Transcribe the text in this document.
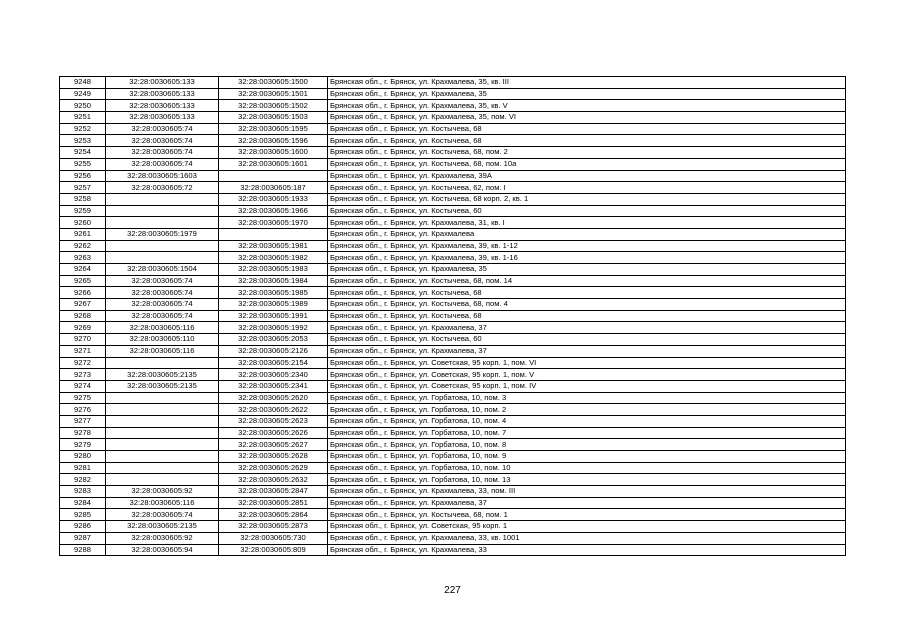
9248	32:28:0030605:133	32:28:0030605:1500	Брянская обл., г. Брянск, ул. Крахмалева, 35, кв. III
9249	32:28:0030605:133	32:28:0030605:1501	Брянская обл., г. Брянск, ул. Крахмалева, 35
9250	32:28:0030605:133	32:28:0030605:1502	Брянская обл., г. Брянск, ул. Крахмалева, 35, кв. V
9251	32:28:0030605:133	32:28:0030605:1503	Брянская обл., г. Брянск, ул. Крахмалева, 35, пом. VI
9252	32:28:0030605:74	32:28:0030605:1595	Брянская обл., г. Брянск, ул. Костычева, 68
9253	32:28:0030605:74	32:28:0030605:1596	Брянская обл., г. Брянск, ул. Костычева, 68
9254	32:28:0030605:74	32:28:0030605:1600	Брянская обл., г. Брянск, ул. Костычева, 68, пом. 2
9255	32:28:0030605:74	32:28:0030605:1601	Брянская обл., г. Брянск, ул. Костычева, 68, пом. 10а
9256	32:28:0030605:1603		Брянская обл., г. Брянск, ул. Крахмалева, 39А
9257	32:28:0030605:72	32:28:0030605:187	Брянская обл., г. Брянск, ул. Костычева, 62, пом. I
9258		32:28:0030605:1933	Брянская обл., г. Брянск, ул. Костычева, 68 корп. 2, кв. 1
9259		32:28:0030605:1966	Брянская обл., г. Брянск, ул. Костычева, 60
9260		32:28:0030605:1970	Брянская обл., г. Брянск, ул. Крахмалева, 31, кв. I
9261	32:28:0030605:1979		Брянская обл., г. Брянск, ул. Крахмалева
9262		32:28:0030605:1981	Брянская обл., г. Брянск, ул. Крахмалева, 39, кв. 1-12
9263		32:28:0030605:1982	Брянская обл., г. Брянск, ул. Крахмалева, 39, кв. 1-16
9264	32:28:0030605:1504	32:28:0030605:1983	Брянская обл., г. Брянск, ул. Крахмалева, 35
9265	32:28:0030605:74	32:28:0030605:1984	Брянская обл., г. Брянск, ул. Костычева, 68, пом. 14
9266	32:28:0030605:74	32:28:0030605:1985	Брянская обл., г. Брянск, ул. Костычева, 68
9267	32:28:0030605:74	32:28:0030605:1989	Брянская обл., г. Брянск, ул. Костычева, 68, пом. 4
9268	32:28:0030605:74	32:28:0030605:1991	Брянская обл., г. Брянск, ул. Костычева, 68
9269	32:28:0030605:116	32:28:0030605:1992	Брянская обл., г. Брянск, ул. Крахмалева, 37
9270	32:28:0030605:110	32:28:0030605:2053	Брянская обл., г. Брянск, ул. Костычева, 60
9271	32:28:0030605:116	32:28:0030605:2126	Брянская обл., г. Брянск, ул. Крахмалева, 37
9272		32:28:0030605:2154	Брянская обл., г. Брянск, ул. Советская, 95 корп. 1, пом. VI
9273	32:28:0030605:2135	32:28:0030605:2340	Брянская обл., г. Брянск, ул. Советская, 95 корп. 1, пом. V
9274	32:28:0030605:2135	32:28:0030605:2341	Брянская обл., г. Брянск, ул. Советская, 95 корп. 1, пом. IV
9275		32:28:0030605:2620	Брянская обл., г. Брянск, ул. Горбатова, 10, пом. 3
9276		32:28:0030605:2622	Брянская обл., г. Брянск, ул. Горбатова, 10, пом. 2
9277		32:28:0030605:2623	Брянская обл., г. Брянск, ул. Горбатова, 10, пом. 4
9278		32:28:0030605:2626	Брянская обл., г. Брянск, ул. Горбатова, 10, пом. 7
9279		32:28:0030605:2627	Брянская обл., г. Брянск, ул. Горбатова, 10, пом. 8
9280		32:28:0030605:2628	Брянская обл., г. Брянск, ул. Горбатова, 10, пом. 9
9281		32:28:0030605:2629	Брянская обл., г. Брянск, ул. Горбатова, 10, пом. 10
9282		32:28:0030605:2632	Брянская обл., г. Брянск, ул. Горбатова, 10, пом. 13
9283	32:28:0030605:92	32:28:0030605:2847	Брянская обл., г. Брянск, ул. Крахмалева, 33, пом. III
9284	32:28:0030605:116	32:28:0030605:2851	Брянская обл., г. Брянск, ул. Крахмалева, 37
9285	32:28:0030605:74	32:28:0030605:2864	Брянская обл., г. Брянск, ул. Костычева, 68, пом. 1
9286	32:28:0030605:2135	32:28:0030605:2873	Брянская обл., г. Брянск, ул. Советская, 95 корп. 1
9287	32:28:0030605:92	32:28:0030605:730	Брянская обл., г. Брянск, ул. Крахмалева, 33, кв. 1001
9288	32:28:0030605:94	32:28:0030605:809	Брянская обл., г. Брянск, ул. Крахмалева, 33
227
